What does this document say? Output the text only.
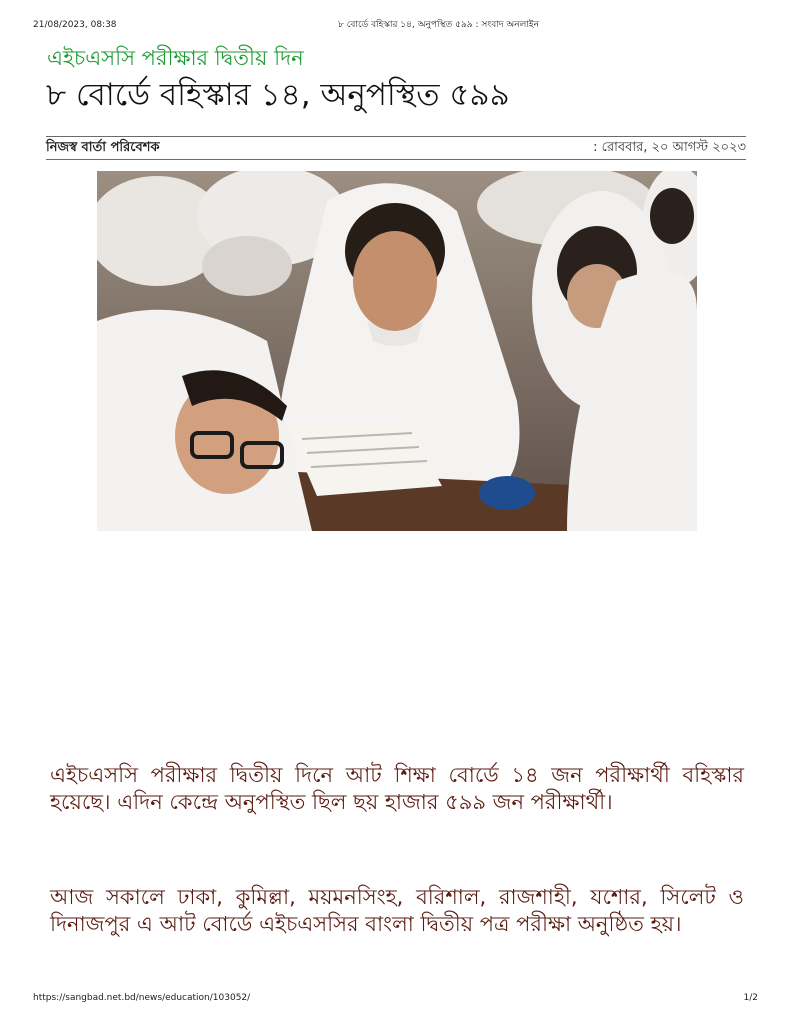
21/08/2023, 08:38	৮ বোর্ডে বহিস্কার ১৪, অনুপস্থিত ৫৯৯ : সংবাদ অনলাইন
এইচএসসি পরীক্ষার দ্বিতীয় দিন
৮ বোর্ডে বহিস্কার ১৪, অনুপস্থিত ৫৯৯
নিজস্ব বার্তা পরিবেশক	: রোববার, ২০ আগস্ট ২০২৩

এইচএসসি পরীক্ষার দ্বিতীয় দিনে আট শিক্ষা বোর্ডে ১৪ জন পরীক্ষার্থী বহিস্কার হয়েছে। এদিন কেন্দ্রে অনুপস্থিত ছিল ছয় হাজার ৫৯৯ জন পরীক্ষার্থী।

আজ সকালে ঢাকা, কুমিল্লা, ময়মনসিংহ, বরিশাল, রাজশাহী, যশোর, সিলেট ও দিনাজপুর এ আট বোর্ডে এইচএসসির বাংলা দ্বিতীয় পত্র পরীক্ষা অনুষ্ঠিত হয়।

https://sangbad.net.bd/news/education/103052/	1/2
